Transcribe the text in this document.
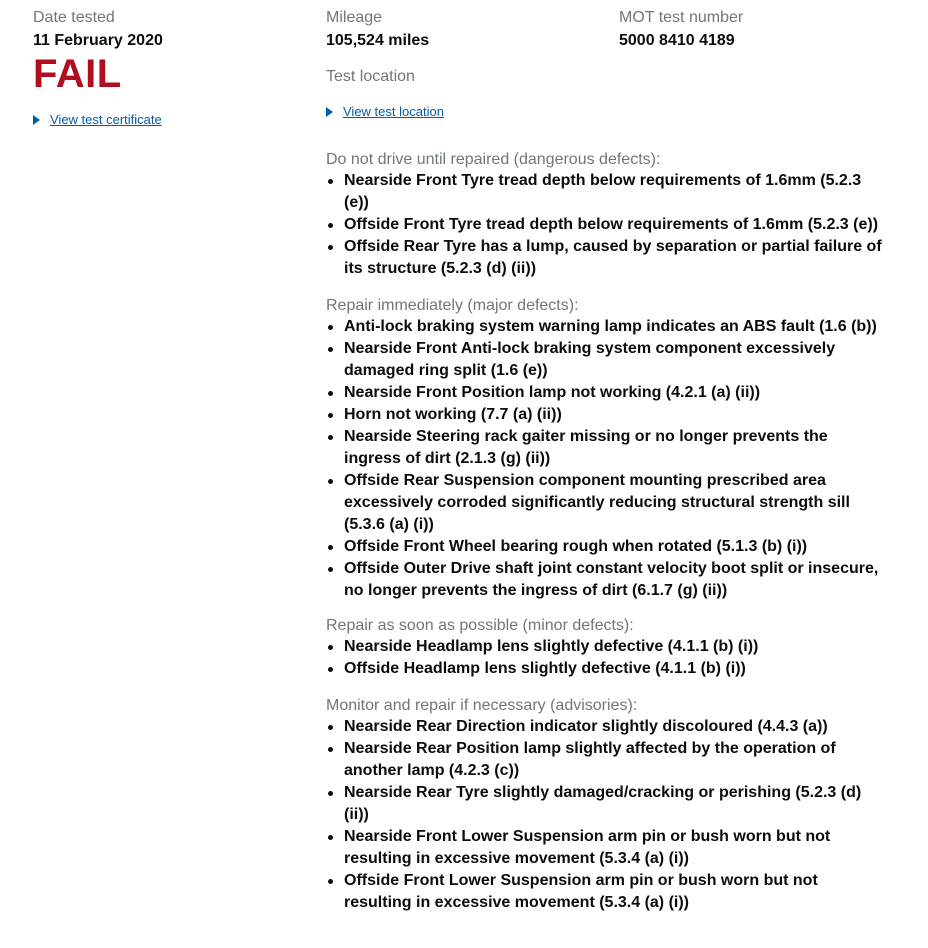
Date tested
11 February 2020
FAIL
View test certificate
MOT test number
5000 8410 4189
Mileage
105,524 miles
Test location
View test location
Do not drive until repaired (dangerous defects):
Nearside Front Tyre tread depth below requirements of 1.6mm (5.2.3 (e))
Offside Front Tyre tread depth below requirements of 1.6mm (5.2.3 (e))
Offside Rear Tyre has a lump, caused by separation or partial failure of its structure (5.2.3 (d) (ii))
Repair immediately (major defects):
Anti-lock braking system warning lamp indicates an ABS fault (1.6 (b))
Nearside Front Anti-lock braking system component excessively damaged ring split (1.6 (e))
Nearside Front Position lamp not working (4.2.1 (a) (ii))
Horn not working (7.7 (a) (ii))
Nearside Steering rack gaiter missing or no longer prevents the ingress of dirt (2.1.3 (g) (ii))
Offside Rear Suspension component mounting prescribed area excessively corroded significantly reducing structural strength sill (5.3.6 (a) (i))
Offside Front Wheel bearing rough when rotated (5.1.3 (b) (i))
Offside Outer Drive shaft joint constant velocity boot split or insecure, no longer prevents the ingress of dirt (6.1.7 (g) (ii))
Repair as soon as possible (minor defects):
Nearside Headlamp lens slightly defective (4.1.1 (b) (i))
Offside Headlamp lens slightly defective (4.1.1 (b) (i))
Monitor and repair if necessary (advisories):
Nearside Rear Direction indicator slightly discoloured (4.4.3 (a))
Nearside Rear Position lamp slightly affected by the operation of another lamp (4.2.3 (c))
Nearside Rear Tyre slightly damaged/cracking or perishing (5.2.3 (d) (ii))
Nearside Front Lower Suspension arm pin or bush worn but not resulting in excessive movement (5.3.4 (a) (i))
Offside Front Lower Suspension arm pin or bush worn but not resulting in excessive movement (5.3.4 (a) (i))
